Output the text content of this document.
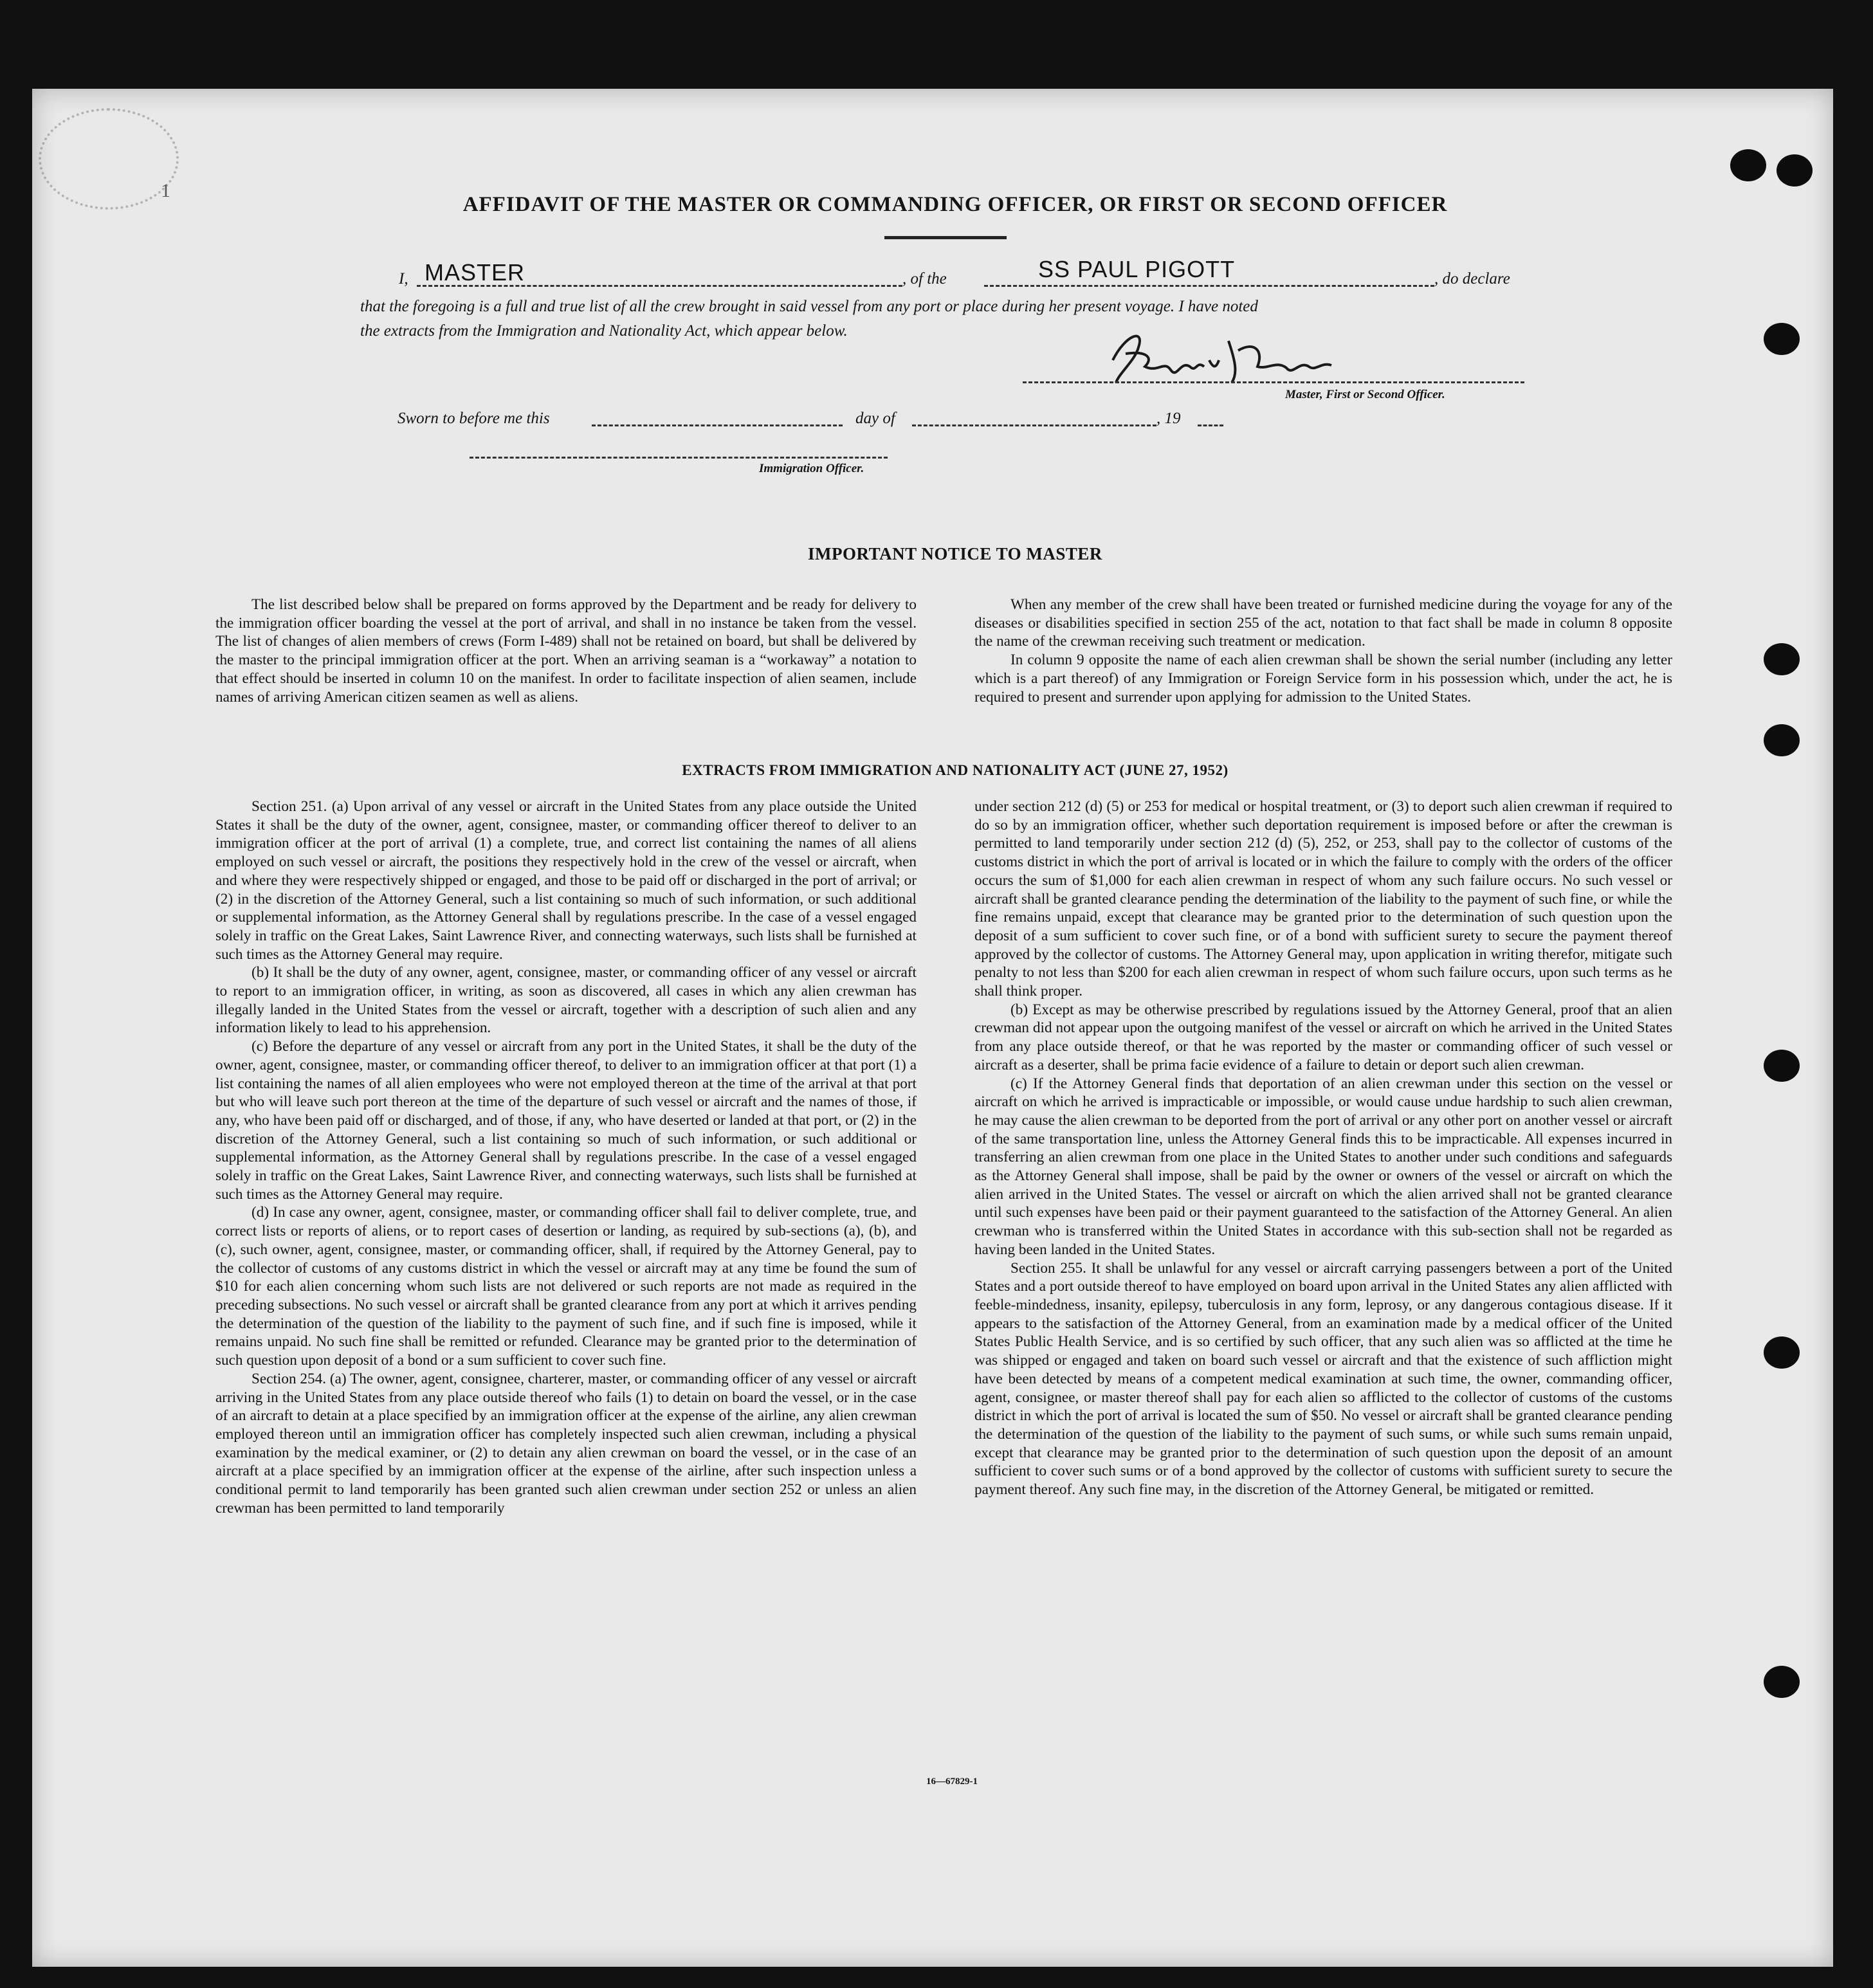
1
AFFIDAVIT OF THE MASTER OR COMMANDING OFFICER, OR FIRST OR SECOND OFFICER
I, MASTER	, of the	SS PAUL PIGOTT	, do declare
that the foregoing is a full and true list of all the crew brought in said vessel from any port or place during her present voyage. I have noted
the extracts from the Immigration and Nationality Act, which appear below.
Master, First or Second Officer.
Sworn to before me this	day of	, 19
Immigration Officer.
IMPORTANT NOTICE TO MASTER

The list described below shall be prepared on forms approved by the Department and be ready for delivery to the immigration officer boarding the vessel at the port of arrival, and shall in no instance be taken from the vessel. The list of changes of alien members of crews (Form I-489) shall not be retained on board, but shall be delivered by the master to the principal immigration officer at the port. When an arriving seaman is a “workaway” a notation to that effect should be inserted in column 10 on the manifest. In order to facilitate inspection of alien seamen, include names of arriving American citizen seamen as well as aliens.

When any member of the crew shall have been treated or furnished medicine during the voyage for any of the diseases or disabilities specified in section 255 of the act, notation to that fact shall be made in column 8 opposite the name of the crewman receiving such treatment or medication.

In column 9 opposite the name of each alien crewman shall be shown the serial number (including any letter which is a part thereof) of any Immigration or Foreign Service form in his possession which, under the act, he is required to present and surrender upon applying for admission to the United States.

EXTRACTS FROM IMMIGRATION AND NATIONALITY ACT (JUNE 27, 1952)

Section 251. (a) Upon arrival of any vessel or aircraft in the United States from any place outside the United States it shall be the duty of the owner, agent, consignee, master, or commanding officer thereof to deliver to an immigration officer at the port of arrival (1) a complete, true, and correct list containing the names of all aliens employed on such vessel or aircraft, the positions they respectively hold in the crew of the vessel or aircraft, when and where they were respectively shipped or engaged, and those to be paid off or discharged in the port of arrival; or (2) in the discretion of the Attorney General, such a list containing so much of such information, or such additional or supplemental information, as the Attorney General shall by regulations prescribe. In the case of a vessel engaged solely in traffic on the Great Lakes, Saint Lawrence River, and connecting waterways, such lists shall be furnished at such times as the Attorney General may require.

(b) It shall be the duty of any owner, agent, consignee, master, or commanding officer of any vessel or aircraft to report to an immigration officer, in writing, as soon as discovered, all cases in which any alien crewman has illegally landed in the United States from the vessel or aircraft, together with a description of such alien and any information likely to lead to his apprehension.

(c) Before the departure of any vessel or aircraft from any port in the United States, it shall be the duty of the owner, agent, consignee, master, or commanding officer thereof, to deliver to an immigration officer at that port (1) a list containing the names of all alien employees who were not employed thereon at the time of the arrival at that port but who will leave such port thereon at the time of the departure of such vessel or aircraft and the names of those, if any, who have been paid off or discharged, and of those, if any, who have deserted or landed at that port, or (2) in the discretion of the Attorney General, such a list containing so much of such information, or such additional or supplemental information, as the Attorney General shall by regulations prescribe. In the case of a vessel engaged solely in traffic on the Great Lakes, Saint Lawrence River, and connecting waterways, such lists shall be furnished at such times as the Attorney General may require.

(d) In case any owner, agent, consignee, master, or commanding officer shall fail to deliver complete, true, and correct lists or reports of aliens, or to report cases of desertion or landing, as required by sub-sections (a), (b), and (c), such owner, agent, consignee, master, or commanding officer, shall, if required by the Attorney General, pay to the collector of customs of any customs district in which the vessel or aircraft may at any time be found the sum of $10 for each alien concerning whom such lists are not delivered or such reports are not made as required in the preceding subsections. No such vessel or aircraft shall be granted clearance from any port at which it arrives pending the determination of the question of the liability to the payment of such fine, and if such fine is imposed, while it remains unpaid. No such fine shall be remitted or refunded. Clearance may be granted prior to the determination of such question upon deposit of a bond or a sum sufficient to cover such fine.

Section 254. (a) The owner, agent, consignee, charterer, master, or commanding officer of any vessel or aircraft arriving in the United States from any place outside thereof who fails (1) to detain on board the vessel, or in the case of an aircraft to detain at a place specified by an immigration officer at the expense of the airline, any alien crewman employed thereon until an immigration officer has completely inspected such alien crewman, including a physical examination by the medical examiner, or (2) to detain any alien crewman on board the vessel, or in the case of an aircraft at a place specified by an immigration officer at the expense of the airline, after such inspection unless a conditional permit to land temporarily has been granted such alien crewman under section 252 or unless an alien crewman has been permitted to land temporarily

under section 212 (d) (5) or 253 for medical or hospital treatment, or (3) to deport such alien crewman if required to do so by an immigration officer, whether such deportation requirement is imposed before or after the crewman is permitted to land temporarily under section 212 (d) (5), 252, or 253, shall pay to the collector of customs of the customs district in which the port of arrival is located or in which the failure to comply with the orders of the officer occurs the sum of $1,000 for each alien crewman in respect of whom any such failure occurs. No such vessel or aircraft shall be granted clearance pending the determination of the liability to the payment of such fine, or while the fine remains unpaid, except that clearance may be granted prior to the determination of such question upon the deposit of a sum sufficient to cover such fine, or of a bond with sufficient surety to secure the payment thereof approved by the collector of customs. The Attorney General may, upon application in writing therefor, mitigate such penalty to not less than $200 for each alien crewman in respect of whom such failure occurs, upon such terms as he shall think proper.

(b) Except as may be otherwise prescribed by regulations issued by the Attorney General, proof that an alien crewman did not appear upon the outgoing manifest of the vessel or aircraft on which he arrived in the United States from any place outside thereof, or that he was reported by the master or commanding officer of such vessel or aircraft as a deserter, shall be prima facie evidence of a failure to detain or deport such alien crewman.

(c) If the Attorney General finds that deportation of an alien crewman under this section on the vessel or aircraft on which he arrived is impracticable or impossible, or would cause undue hardship to such alien crewman, he may cause the alien crewman to be deported from the port of arrival or any other port on another vessel or aircraft of the same transportation line, unless the Attorney General finds this to be impracticable. All expenses incurred in transferring an alien crewman from one place in the United States to another under such conditions and safeguards as the Attorney General shall impose, shall be paid by the owner or owners of the vessel or aircraft on which the alien arrived in the United States. The vessel or aircraft on which the alien arrived shall not be granted clearance until such expenses have been paid or their payment guaranteed to the satisfaction of the Attorney General. An alien crewman who is transferred within the United States in accordance with this sub-section shall not be regarded as having been landed in the United States.

Section 255. It shall be unlawful for any vessel or aircraft carrying passengers between a port of the United States and a port outside thereof to have employed on board upon arrival in the United States any alien afflicted with feeble-mindedness, insanity, epilepsy, tuberculosis in any form, leprosy, or any dangerous contagious disease. If it appears to the satisfaction of the Attorney General, from an examination made by a medical officer of the United States Public Health Service, and is so certified by such officer, that any such alien was so afflicted at the time he was shipped or engaged and taken on board such vessel or aircraft and that the existence of such affliction might have been detected by means of a competent medical examination at such time, the owner, commanding officer, agent, consignee, or master thereof shall pay for each alien so afflicted to the collector of customs of the customs district in which the port of arrival is located the sum of $50. No vessel or aircraft shall be granted clearance pending the determination of the question of the liability to the payment of such sums, or while such sums remain unpaid, except that clearance may be granted prior to the determination of such question upon the deposit of an amount sufficient to cover such sums or of a bond approved by the collector of customs with sufficient surety to secure the payment thereof. Any such fine may, in the discretion of the Attorney General, be mitigated or remitted.

16—67829-1
